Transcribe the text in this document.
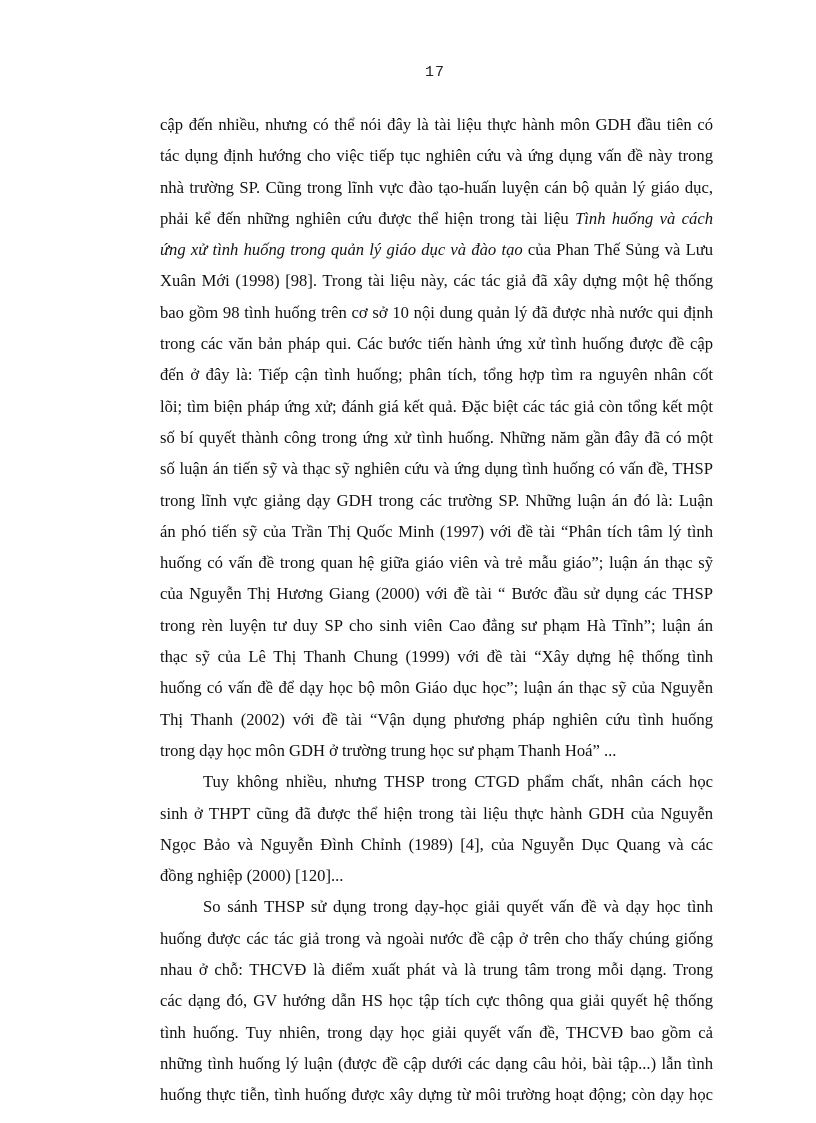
17
cập đến nhiều, nhưng có thể nói đây là tài liệu thực hành môn GDH đầu tiên có
tác dụng định hướng cho việc tiếp tục nghiên cứu và ứng dụng vấn đề này trong
nhà trường SP. Cũng trong lĩnh vực đào tạo-huấn luyện cán bộ quản lý giáo dục,
phải kể đến những nghiên cứu được thể hiện trong tài liệu Tình huống và cách
ứng xử tình huống trong quản lý giáo dục và đào tạo của Phan Thế Sủng và Lưu
Xuân Mới (1998) [98]. Trong tài liệu này, các tác giả đã xây dựng một hệ thống
bao gồm 98 tình huống trên cơ sở 10 nội dung quản lý đã được nhà nước qui định
trong các văn bản pháp qui. Các bước tiến hành ứng xử tình huống được đề cập
đến ở đây là: Tiếp cận tình huống; phân tích, tổng hợp tìm ra nguyên nhân cốt
lõi; tìm biện pháp ứng xử; đánh giá kết quả. Đặc biệt các tác giả còn tổng kết một
số bí quyết thành công trong ứng xử tình huống. Những năm gần đây đã có một
số luận án tiến sỹ và thạc sỹ nghiên cứu và ứng dụng tình huống có vấn đề, THSP
trong lĩnh vực giảng dạy GDH trong các trường SP. Những luận án đó là: Luận
án phó tiến sỹ của Trần Thị Quốc Minh (1997) với đề tài “Phân tích tâm lý tình
huống có vấn đề trong quan hệ giữa giáo viên và trẻ mẫu giáo”; luận án thạc sỹ
của Nguyễn Thị Hương Giang (2000) với đề tài “ Bước đầu sử dụng các THSP
trong rèn luyện tư duy SP cho sinh viên Cao đẳng sư phạm Hà Tĩnh”; luận án
thạc sỹ của Lê Thị Thanh Chung (1999) với đề tài “Xây dựng hệ thống tình
huống có vấn đề để dạy học bộ môn Giáo dục học”; luận án thạc sỹ của Nguyễn
Thị Thanh (2002) với đề tài “Vận dụng phương pháp nghiên cứu tình huống
trong dạy học môn GDH ở trường trung học sư phạm Thanh Hoá” ...
Tuy không nhiều, nhưng THSP trong CTGD phẩm chất, nhân cách học
sinh ở THPT cũng đã được thể hiện trong tài liệu thực hành GDH của Nguyễn
Ngọc Bảo và Nguyễn Đình Chỉnh (1989) [4], của Nguyễn Dục Quang và các
đồng nghiệp (2000) [120]...
So sánh THSP sử dụng trong dạy-học giải quyết vấn đề và dạy học tình
huống được các tác giả trong và ngoài nước đề cập ở trên cho thấy chúng giống
nhau ở chỗ: THCVĐ là điểm xuất phát và là trung tâm trong mỗi dạng. Trong
các dạng đó, GV hướng dẫn HS học tập tích cực thông qua giải quyết hệ thống
tình huống. Tuy nhiên, trong dạy học giải quyết vấn đề, THCVĐ bao gồm cả
những tình huống lý luận (được đề cập dưới các dạng câu hỏi, bài tập...) lẫn tình
huống thực tiễn, tình huống được xây dựng từ môi trường hoạt động; còn dạy học
